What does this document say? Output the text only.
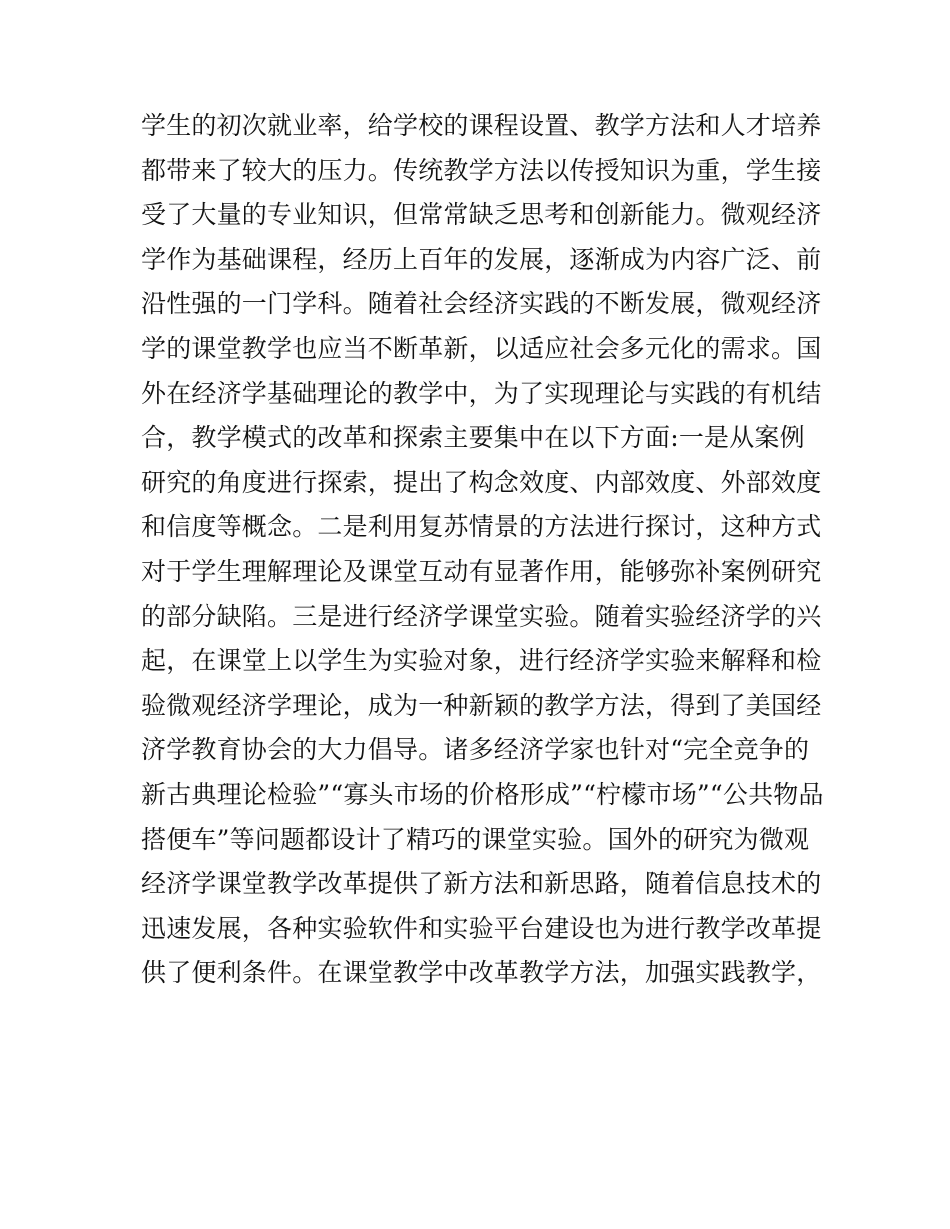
学生的初次就业率，给学校的课程设置、教学方法和人才培养
都带来了较大的压力。传统教学方法以传授知识为重，学生接
受了大量的专业知识，但常常缺乏思考和创新能力。微观经济
学作为基础课程，经历上百年的发展，逐渐成为内容广泛、前
沿性强的一门学科。随着社会经济实践的不断发展，微观经济
学的课堂教学也应当不断革新，以适应社会多元化的需求。国
外在经济学基础理论的教学中，为了实现理论与实践的有机结
合，教学模式的改革和探索主要集中在以下方面:一是从案例
研究的角度进行探索，提出了构念效度、内部效度、外部效度
和信度等概念。二是利用复苏情景的方法进行探讨，这种方式
对于学生理解理论及课堂互动有显著作用，能够弥补案例研究
的部分缺陷。三是进行经济学课堂实验。随着实验经济学的兴
起，在课堂上以学生为实验对象，进行经济学实验来解释和检
验微观经济学理论，成为一种新颖的教学方法，得到了美国经
济学教育协会的大力倡导。诸多经济学家也针对“完全竞争的
新古典理论检验”“寡头市场的价格形成”“柠檬市场”“公共物品
搭便车”等问题都设计了精巧的课堂实验。国外的研究为微观
经济学课堂教学改革提供了新方法和新思路，随着信息技术的
迅速发展，各种实验软件和实验平台建设也为进行教学改革提
供了便利条件。在课堂教学中改革教学方法，加强实践教学，
